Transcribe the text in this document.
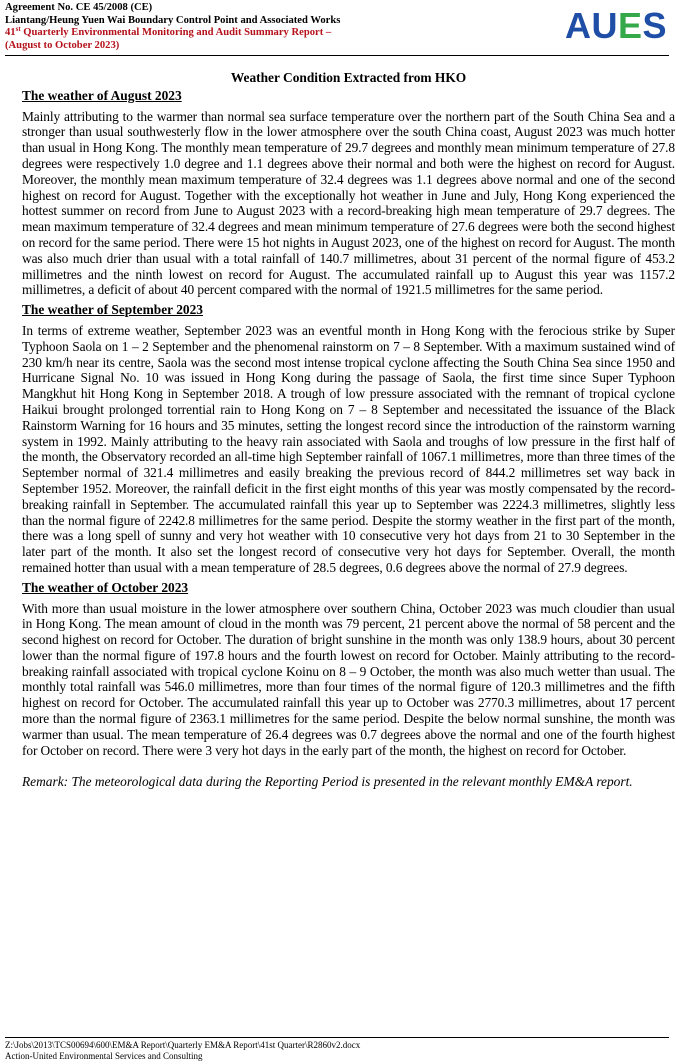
Agreement No. CE 45/2008 (CE)
Liantang/Heung Yuen Wai Boundary Control Point and Associated Works
41st Quarterly Environmental Monitoring and Audit Summary Report –
(August to October 2023)	AUES
Weather Condition Extracted from HKO
The weather of August 2023

Mainly attributing to the warmer than normal sea surface temperature over the northern part of the South China Sea and a stronger than usual southwesterly flow in the lower atmosphere over the south China coast, August 2023 was much hotter than usual in Hong Kong. The monthly mean temperature of 29.7 degrees and monthly mean minimum temperature of 27.8 degrees were respectively 1.0 degree and 1.1 degrees above their normal and both were the highest on record for August. Moreover, the monthly mean maximum temperature of 32.4 degrees was 1.1 degrees above normal and one of the second highest on record for August. Together with the exceptionally hot weather in June and July, Hong Kong experienced the hottest summer on record from June to August 2023 with a record-breaking high mean temperature of 29.7 degrees. The mean maximum temperature of 32.4 degrees and mean minimum temperature of 27.6 degrees were both the second highest on record for the same period. There were 15 hot nights in August 2023, one of the highest on record for August. The month was also much drier than usual with a total rainfall of 140.7 millimetres, about 31 percent of the normal figure of 453.2 millimetres and the ninth lowest on record for August. The accumulated rainfall up to August this year was 1157.2 millimetres, a deficit of about 40 percent compared with the normal of 1921.5 millimetres for the same period.

The weather of September 2023

In terms of extreme weather, September 2023 was an eventful month in Hong Kong with the ferocious strike by Super Typhoon Saola on 1 – 2 September and the phenomenal rainstorm on 7 – 8 September. With a maximum sustained wind of 230 km/h near its centre, Saola was the second most intense tropical cyclone affecting the South China Sea since 1950 and Hurricane Signal No. 10 was issued in Hong Kong during the passage of Saola, the first time since Super Typhoon Mangkhut hit Hong Kong in September 2018. A trough of low pressure associated with the remnant of tropical cyclone Haikui brought prolonged torrential rain to Hong Kong on 7 – 8 September and necessitated the issuance of the Black Rainstorm Warning for 16 hours and 35 minutes, setting the longest record since the introduction of the rainstorm warning system in 1992. Mainly attributing to the heavy rain associated with Saola and troughs of low pressure in the first half of the month, the Observatory recorded an all-time high September rainfall of 1067.1 millimetres, more than three times of the September normal of 321.4 millimetres and easily breaking the previous record of 844.2 millimetres set way back in September 1952. Moreover, the rainfall deficit in the first eight months of this year was mostly compensated by the record-breaking rainfall in September. The accumulated rainfall this year up to September was 2224.3 millimetres, slightly less than the normal figure of 2242.8 millimetres for the same period. Despite the stormy weather in the first part of the month, there was a long spell of sunny and very hot weather with 10 consecutive very hot days from 21 to 30 September in the later part of the month. It also set the longest record of consecutive very hot days for September. Overall, the month remained hotter than usual with a mean temperature of 28.5 degrees, 0.6 degrees above the normal of 27.9 degrees.

The weather of October 2023

With more than usual moisture in the lower atmosphere over southern China, October 2023 was much cloudier than usual in Hong Kong. The mean amount of cloud in the month was 79 percent, 21 percent above the normal of 58 percent and the second highest on record for October. The duration of bright sunshine in the month was only 138.9 hours, about 30 percent lower than the normal figure of 197.8 hours and the fourth lowest on record for October. Mainly attributing to the record-breaking rainfall associated with tropical cyclone Koinu on 8 – 9 October, the month was also much wetter than usual. The monthly total rainfall was 546.0 millimetres, more than four times of the normal figure of 120.3 millimetres and the fifth highest on record for October. The accumulated rainfall this year up to October was 2770.3 millimetres, about 17 percent more than the normal figure of 2363.1 millimetres for the same period. Despite the below normal sunshine, the month was warmer than usual. The mean temperature of 26.4 degrees was 0.7 degrees above the normal and one of the fourth highest for October on record. There were 3 very hot days in the early part of the month, the highest on record for October.

Remark: The meteorological data during the Reporting Period is presented in the relevant monthly EM&A report.
Z:\Jobs\2013\TCS00694\600\EM&A Report\Quarterly EM&A Report\41st Quarter\R2860v2.docx
Action-United Environmental Services and Consulting
